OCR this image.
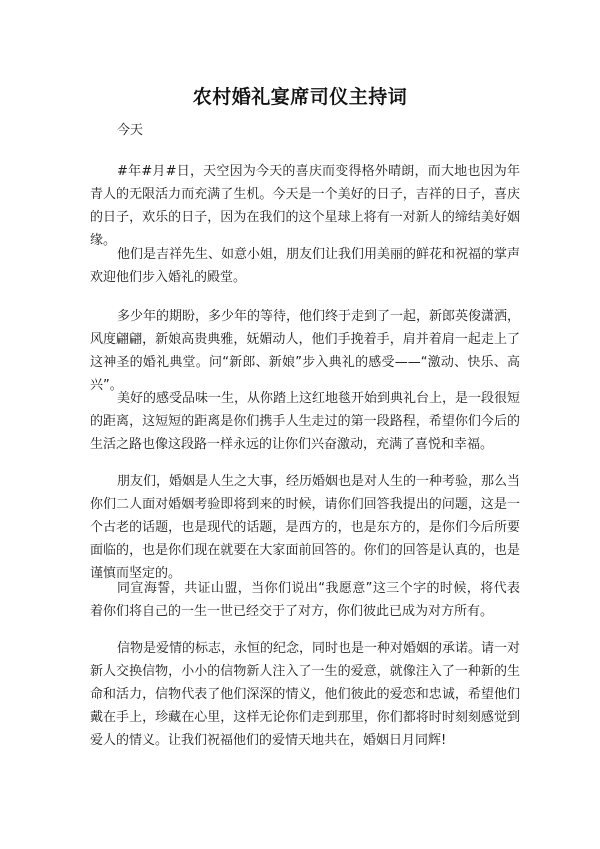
农村婚礼宴席司仪主持词
今天

#年#月#日，天空因为今天的喜庆而变得格外晴朗，而大地也因为年青人的无限活力而充满了生机。今天是一个美好的日子，吉祥的日子，喜庆的日子，欢乐的日子，因为在我们的这个星球上将有一对新人的缔结美好姻缘。

他们是吉祥先生、如意小姐，朋友们让我们用美丽的鲜花和祝福的掌声欢迎他们步入婚礼的殿堂。

多少年的期盼，多少年的等待，他们终于走到了一起，新郎英俊潇洒，风度翩翩，新娘高贵典雅，妩媚动人，他们手挽着手，肩并着肩一起走上了这神圣的婚礼典堂。问“新郎、新娘”步入典礼的感受——“激动、快乐、高兴”。

美好的感受品味一生，从你踏上这红地毯开始到典礼台上，是一段很短的距离，这短短的距离是你们携手人生走过的第一段路程，希望你们今后的生活之路也像这段路一样永远的让你们兴奋激动，充满了喜悦和幸福。

朋友们，婚姻是人生之大事，经历婚姻也是对人生的一种考验，那么当你们二人面对婚姻考验即将到来的时候，请你们回答我提出的问题，这是一个古老的话题，也是现代的话题，是西方的，也是东方的，是你们今后所要面临的，也是你们现在就要在大家面前回答的。你们的回答是认真的，也是谨慎而坚定的。

同宣海誓，共证山盟，当你们说出“我愿意”这三个字的时候，将代表着你们将自己的一生一世已经交于了对方，你们彼此已成为对方所有。

信物是爱情的标志，永恒的纪念，同时也是一种对婚姻的承诺。请一对新人交换信物，小小的信物新人注入了一生的爱意，就像注入了一种新的生命和活力，信物代表了他们深深的情义，他们彼此的爱恋和忠诚，希望他们戴在手上，珍藏在心里，这样无论你们走到那里，你们都将时时刻刻感觉到爱人的情义。让我们祝福他们的爱情天地共在，婚姻日月同辉!
